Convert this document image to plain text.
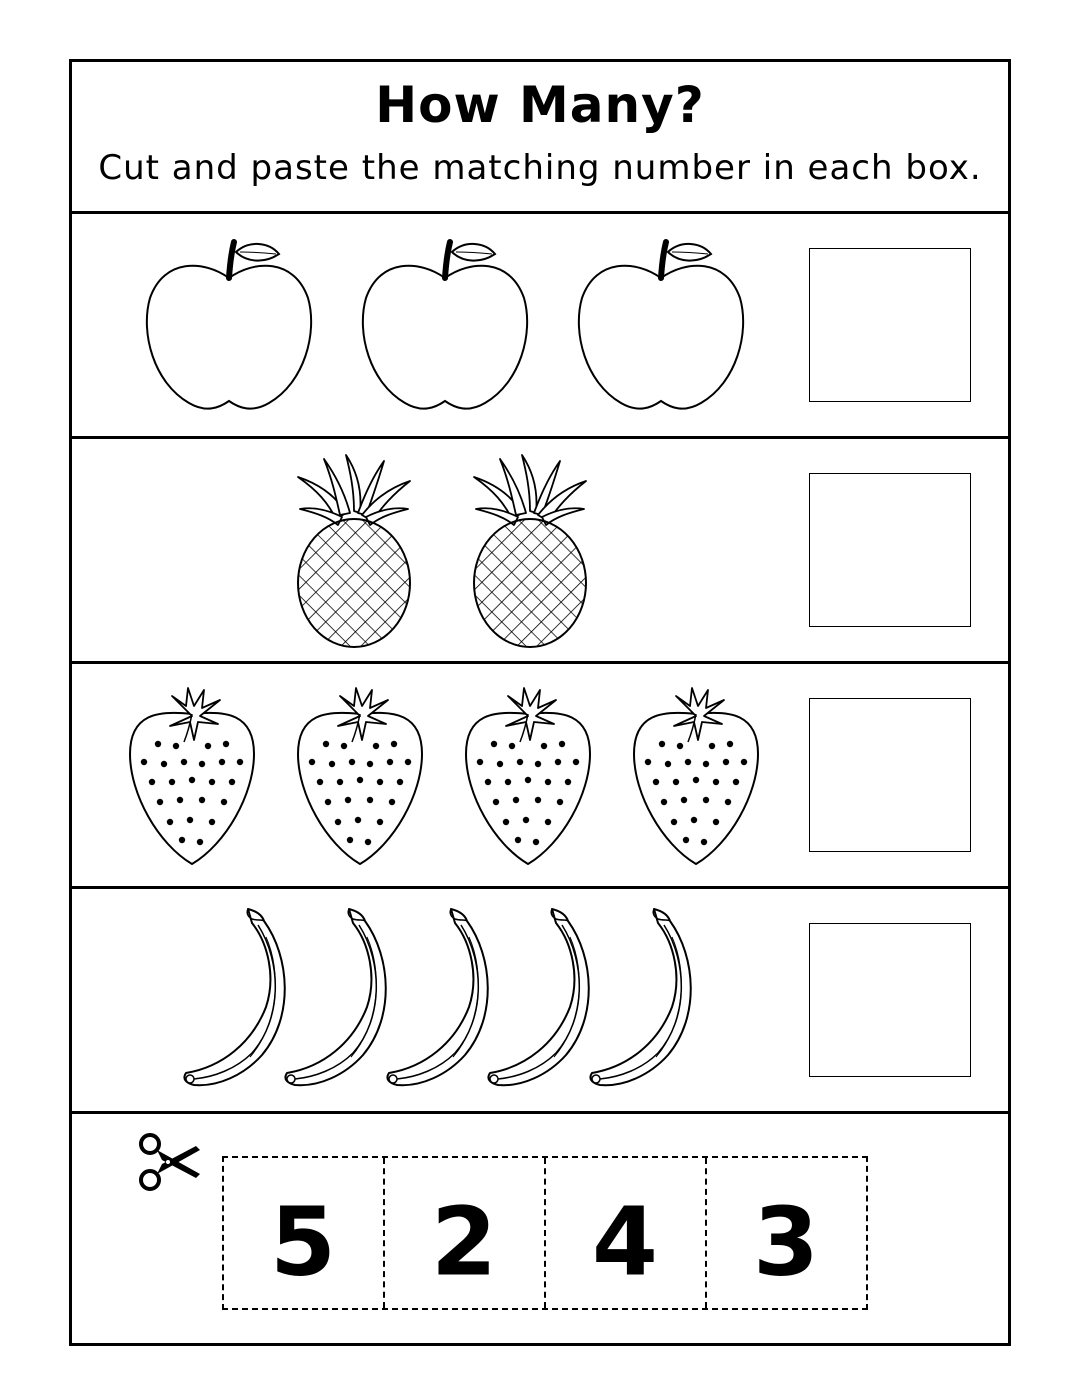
How Many?
Cut and paste the matching number in each box.
5 2 4 3
